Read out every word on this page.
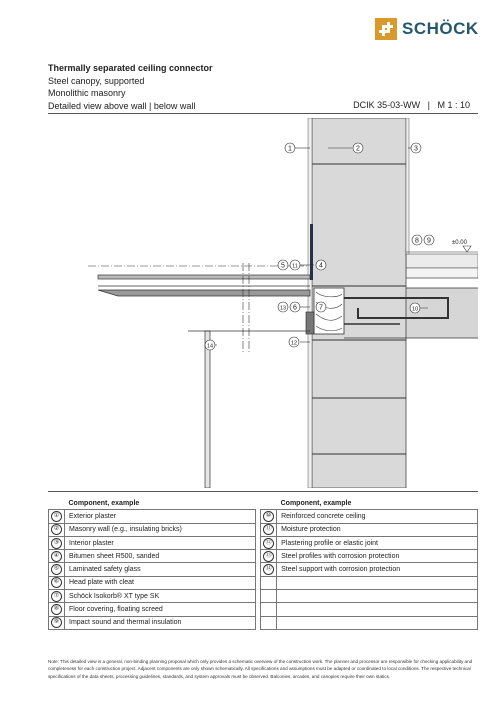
SCHÖCK
Thermally separated ceiling connector
Steel canopy, supported
Monolithic masonry
Detailed view above wall | below wall	DCIK 35-03-WW   |   M 1 : 10
±0.00
1	2	3
8 9
5 11	4
13 6	10
7
14	12
	Component, example			Component, example
①	Exterior plaster		⑩	Reinforced concrete ceiling
②	Masonry wall (e.g., insulating bricks)		⑪	Moisture protection
③	Interior plaster		⑫	Plastering profile or elastic joint
④	Bitumen sheet R500, sanded		⑬	Steel profiles with corrosion protection
⑤	Laminated safety glass		⑭	Steel support with corrosion protection
⑥	Head plate with cleat			
⑦	Schöck Isokorb® XT type SK			
⑧	Floor covering, floating screed			
⑨	Impact sound and thermal insulation			
Note: This detailed view is a general, non-binding planning proposal which only provides a schematic overview of the construction work. The planner and processor are responsible for checking applicability and completeness for each construction project. Adjacent components are only shown schematically. All specifications and assumptions must be adapted or coordinated to local conditions. The respective technical specifications of the data sheets, processing guidelines, standards, and system approvals must be observed. Balconies, arcades, and canopies require their own statics.
